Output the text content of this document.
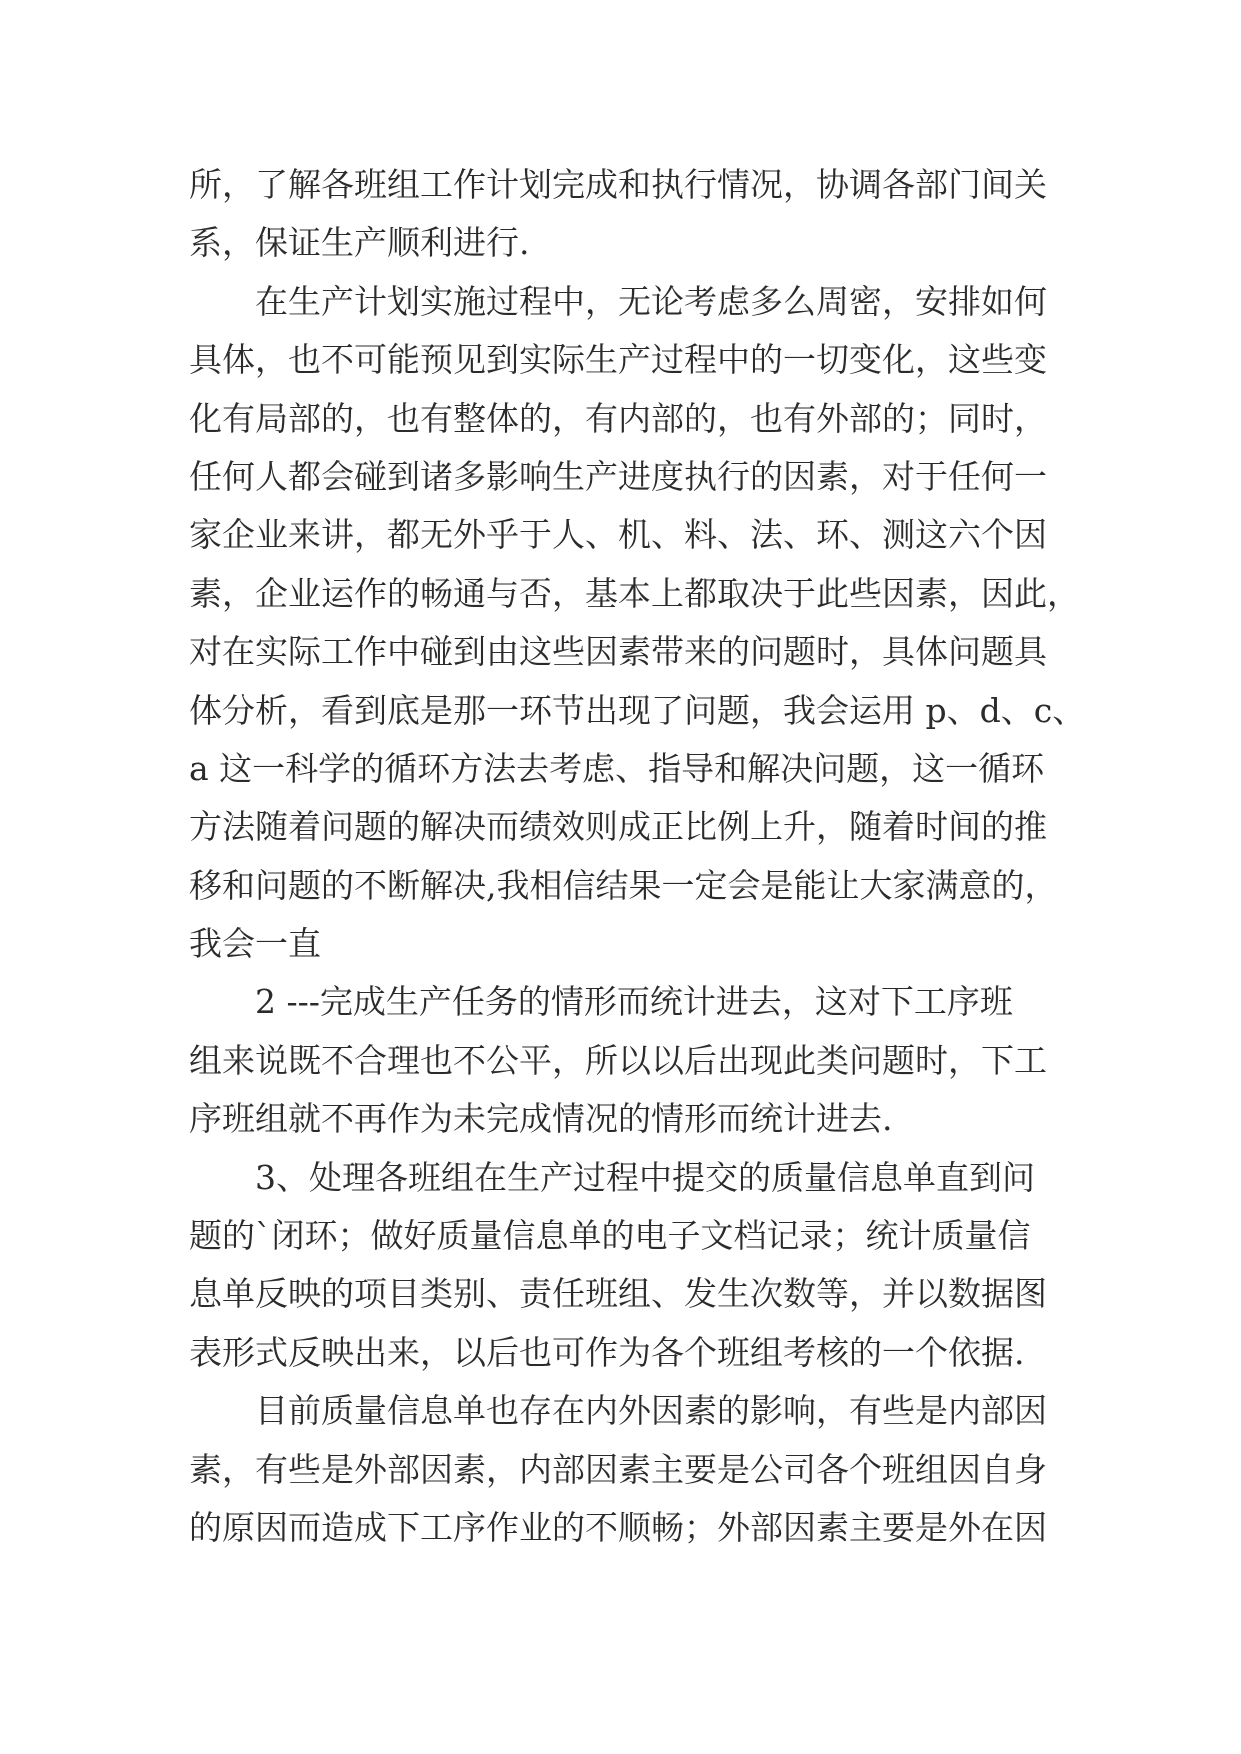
所，了解各班组工作计划完成和执行情况，协调各部门间关
系，保证生产顺利进行.
在生产计划实施过程中，无论考虑多么周密，安排如何
具体，也不可能预见到实际生产过程中的一切变化，这些变
化有局部的，也有整体的，有内部的，也有外部的；同时，
任何人都会碰到诸多影响生产进度执行的因素，对于任何一
家企业来讲，都无外乎于人、机、料、法、环、测这六个因
素，企业运作的畅通与否，基本上都取决于此些因素，因此，
对在实际工作中碰到由这些因素带来的问题时，具体问题具
体分析，看到底是那一环节出现了问题，我会运用 p、d、c、
a 这一科学的循环方法去考虑、指导和解决问题，这一循环
方法随着问题的解决而绩效则成正比例上升，随着时间的推
移和问题的不断解决,我相信结果一定会是能让大家满意的，
我会一直
2 ---完成生产任务的情形而统计进去，这对下工序班
组来说既不合理也不公平，所以以后出现此类问题时，下工
序班组就不再作为未完成情况的情形而统计进去.
3、处理各班组在生产过程中提交的质量信息单直到问
题的`闭环；做好质量信息单的电子文档记录；统计质量信
息单反映的项目类别、责任班组、发生次数等，并以数据图
表形式反映出来，以后也可作为各个班组考核的一个依据.
目前质量信息单也存在内外因素的影响，有些是内部因
素，有些是外部因素，内部因素主要是公司各个班组因自身
的原因而造成下工序作业的不顺畅；外部因素主要是外在因
